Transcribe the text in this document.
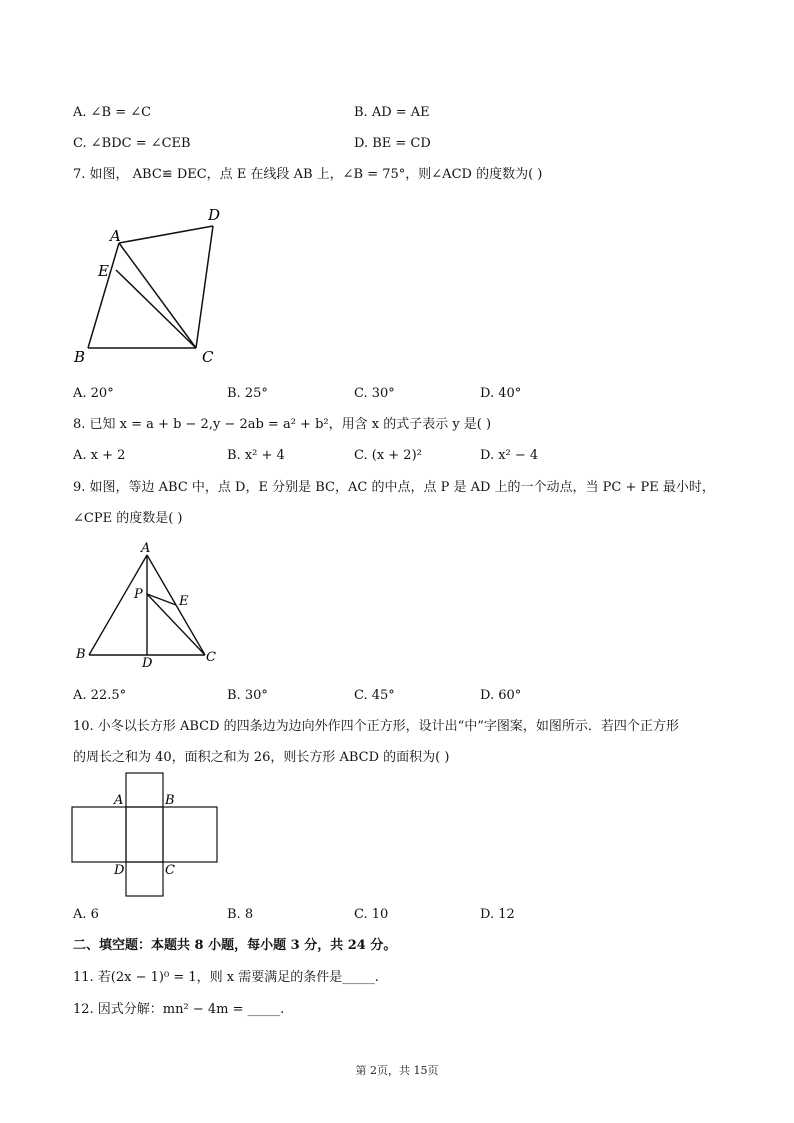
A. ∠B = ∠C	B. AD = AE
C. ∠BDC = ∠CEB	D. BE = CD
7. 如图， ABC≌ DEC，点 E 在线段 AB 上，∠B = 75°，则∠ACD 的度数为( )
A
D
E
B	C
A. 20°	B. 25°	C. 30°	D. 40°
8. 已知 x = a + b − 2,y − 2ab = a² + b²，用含 x 的式子表示 y 是( )
A. x + 2	B. x² + 4	C. (x + 2)²	D. x² − 4
9. 如图，等边 ABC 中，点 D，E 分别是 BC，AC 的中点，点 P 是 AD 上的一个动点，当 PC + PE 最小时，
∠CPE 的度数是( )
A
P	E
B
D	C
A. 22.5°	B. 30°	C. 45°	D. 60°
10. 小冬以长方形 ABCD 的四条边为边向外作四个正方形，设计出“中”字图案，如图所示．若四个正方形
的周长之和为 40，面积之和为 26，则长方形 ABCD 的面积为( )
A	B
D	C
A. 6	B. 8	C. 10	D. 12
二、填空题：本题共 8 小题，每小题 3 分，共 24 分。
11. 若(2x − 1)⁰ = 1，则 x 需要满足的条件是_____.
12. 因式分解：mn² − 4m = _____.
第 2页，共 15页
